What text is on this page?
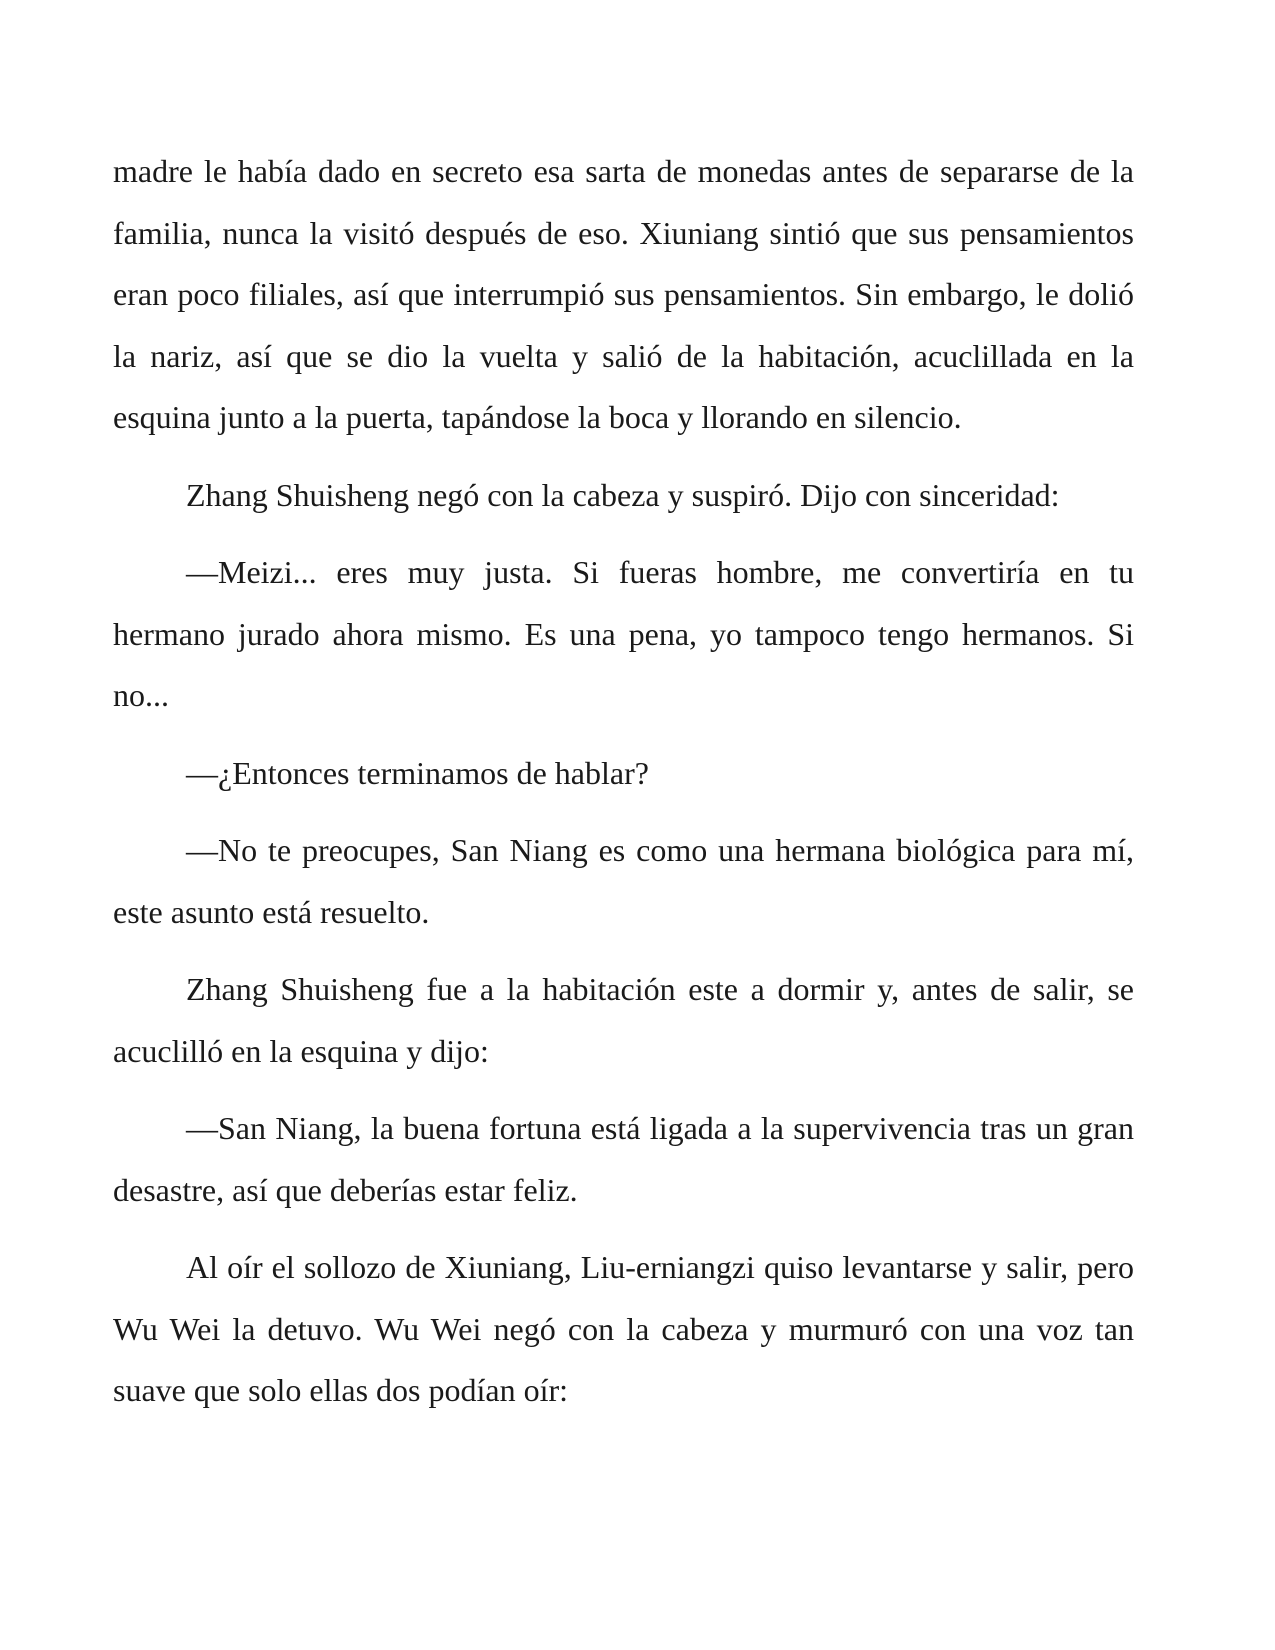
madre le había dado en secreto esa sarta de monedas antes de separarse de la familia, nunca la visitó después de eso. Xiuniang sintió que sus pensamientos eran poco filiales, así que interrumpió sus pensamientos. Sin embargo, le dolió la nariz, así que se dio la vuelta y salió de la habitación, acuclillada en la esquina junto a la puerta, tapándose la boca y llorando en silencio.

Zhang Shuisheng negó con la cabeza y suspiró. Dijo con sinceridad:

—Meizi... eres muy justa. Si fueras hombre, me convertiría en tu hermano jurado ahora mismo. Es una pena, yo tampoco tengo hermanos. Si no...

—¿Entonces terminamos de hablar?

—No te preocupes, San Niang es como una hermana biológica para mí, este asunto está resuelto.

Zhang Shuisheng fue a la habitación este a dormir y, antes de salir, se acuclilló en la esquina y dijo:

—San Niang, la buena fortuna está ligada a la supervivencia tras un gran desastre, así que deberías estar feliz.

Al oír el sollozo de Xiuniang, Liu-erniangzi quiso levantarse y salir, pero Wu Wei la detuvo. Wu Wei negó con la cabeza y murmuró con una voz tan suave que solo ellas dos podían oír:
